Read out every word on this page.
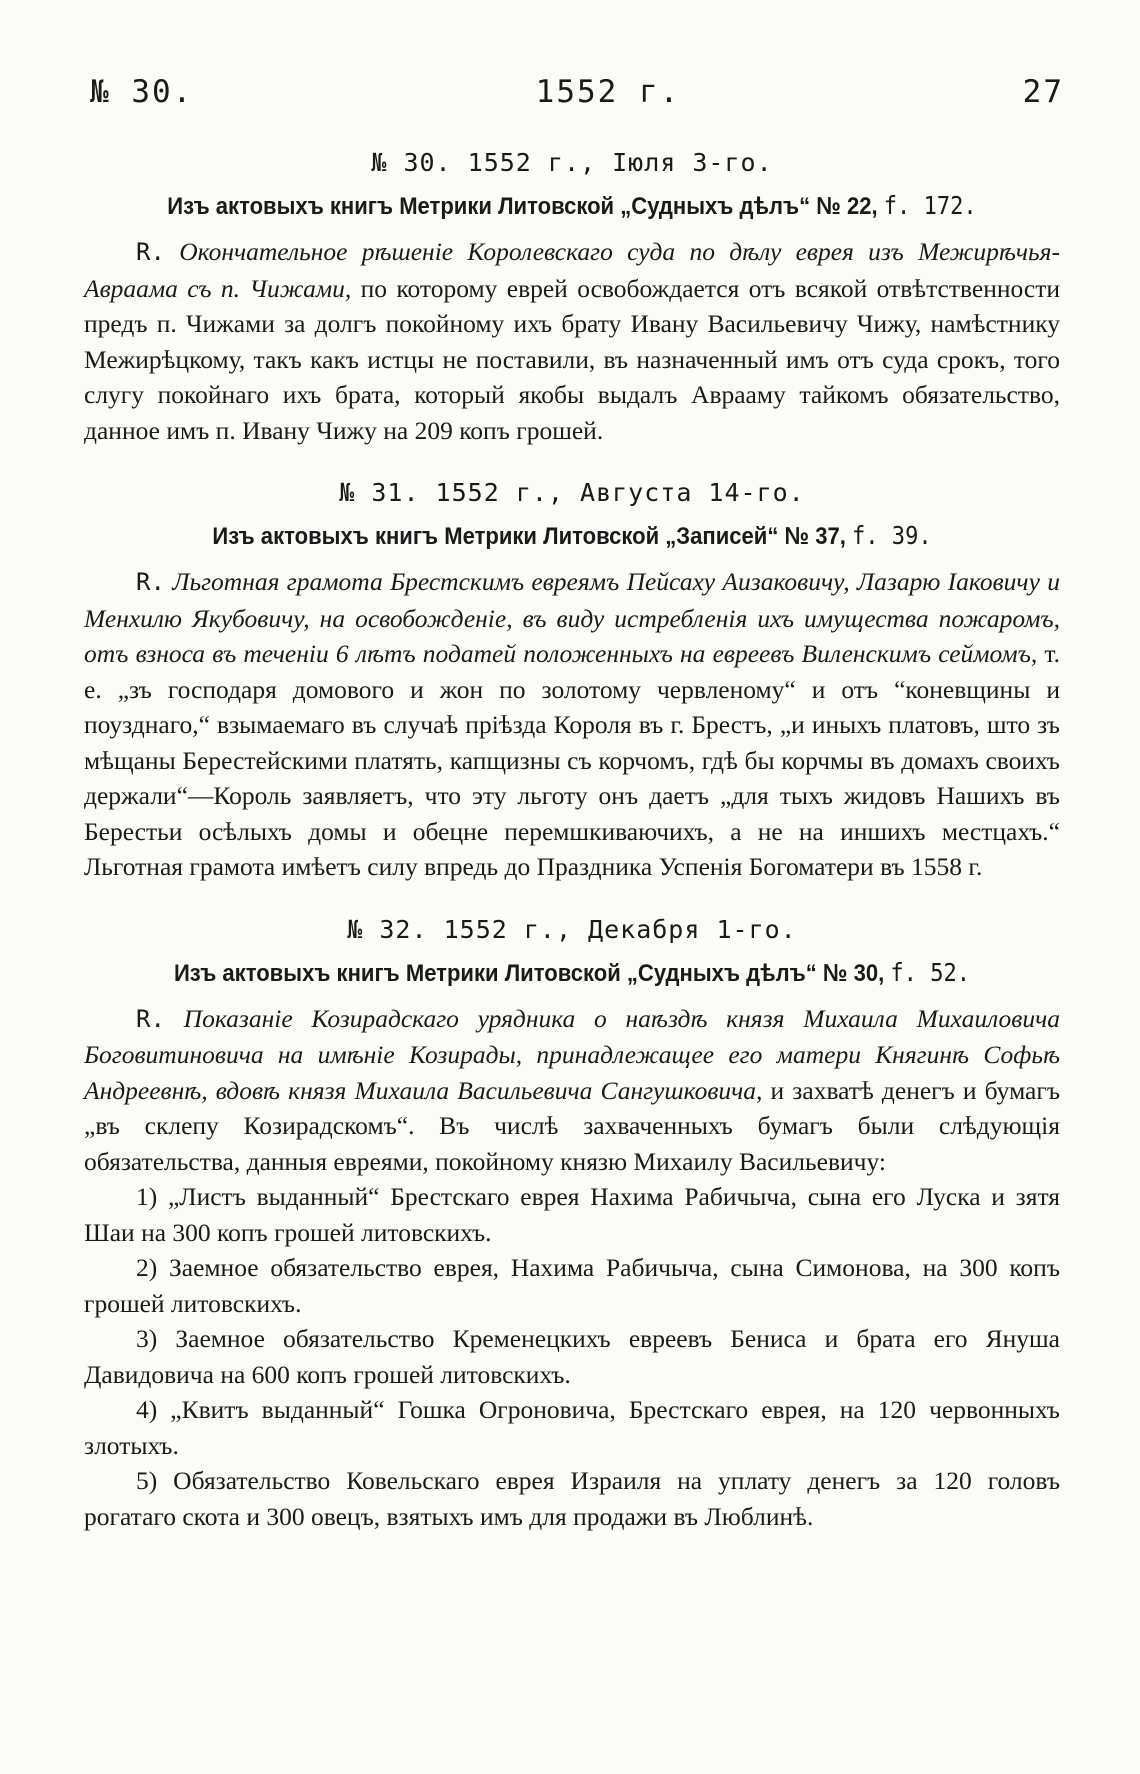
№ 30.	1552 г.	27

№ 30. 1552 г., Іюля 3-го.

Изъ актовыхъ книгъ Метрики Литовской „Судныхъ дѣлъ“ № 22, f. 172.

R. Окончательное рѣшеніе Королевскаго суда по дѣлу еврея изъ Межирѣчья-Авраама съ п. Чижами, по которому еврей освобождается отъ всякой отвѣтственности предъ п. Чижами за долгъ покойному ихъ брату Ивану Васильевичу Чижу, намѣстнику Межирѣцкому, такъ какъ истцы не поставили, въ назначенный имъ отъ суда срокъ, того слугу покойнаго ихъ брата, который якобы выдалъ Аврааму тайкомъ обязательство, данное имъ п. Ивану Чижу на 209 копъ грошей.

№ 31. 1552 г., Августа 14-го.

Изъ актовыхъ книгъ Метрики Литовской „Записей“ № 37, f. 39.

R. Льготная грамота Брестскимъ евреямъ Пейсаху Аизаковичу, Лазарю Іаковичу и Менхилю Якубовичу, на освобожденіе, въ виду истребленія ихъ имущества пожаромъ, отъ взноса въ теченіи 6 лѣтъ податей положенныхъ на евреевъ Виленскимъ сеймомъ, т. е. „зъ господаря домового и жон по золотому червленому“ и отъ “коневщины и поузднаго,“ взымаемаго въ случаѣ пріѣзда Короля въ г. Брестъ, „и иныхъ платовъ, што зъ мѣщаны Берестейскими платять, капщизны съ корчомъ, гдѣ бы корчмы въ домахъ своихъ держали“—Король заявляетъ, что эту льготу онъ даетъ „для тыхъ жидовъ Нашихъ въ Берестьи осѣлыхъ домы и обецне перемшкиваючихъ, а не на иншихъ местцахъ.“ Льготная грамота имѣетъ силу впредь до Праздника Успенія Богоматери въ 1558 г.

№ 32. 1552 г., Декабря 1-го.

Изъ актовыхъ книгъ Метрики Литовской „Судныхъ дѣлъ“ № 30, f. 52.

R. Показаніе Козирадскаго урядника о наѣздѣ князя Михаила Михаиловича Боговитиновича на имѣніе Козирады, принадлежащее его матери Княгинѣ Софьѣ Андреевнѣ, вдовѣ князя Михаила Васильевича Сангушковича, и захватѣ денегъ и бумагъ „въ склепу Козирадскомъ“. Въ числѣ захваченныхъ бумагъ были слѣдующія обязательства, данныя евреями, покойному князю Михаилу Васильевичу:

1) „Листъ выданный“ Брестскаго еврея Нахима Рабичыча, сына его Луска и зятя Шаи на 300 копъ грошей литовскихъ.

2) Заемное обязательство еврея, Нахима Рабичыча, сына Симонова, на 300 копъ грошей литовскихъ.

3) Заемное обязательство Кременецкихъ евреевъ Бениса и брата его Януша Давидовича на 600 копъ грошей литовскихъ.

4) „Квитъ выданный“ Гошка Огроновича, Брестскаго еврея, на 120 червонныхъ злотыхъ.

5) Обязательство Ковельскаго еврея Израиля на уплату денегъ за 120 головъ рогатаго скота и 300 овецъ, взятыхъ имъ для продажи въ Люблинѣ.
